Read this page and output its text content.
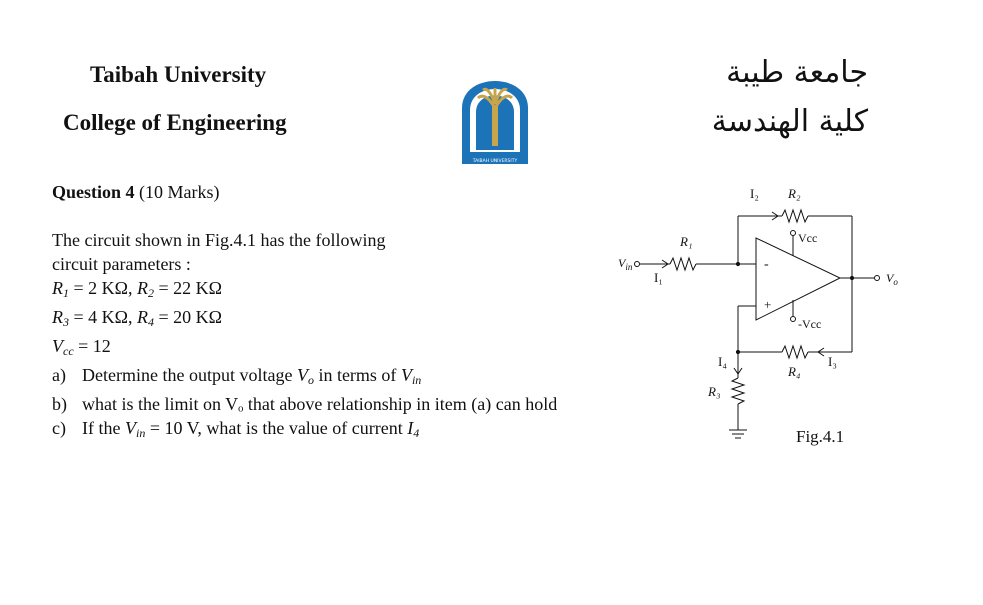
Taibah University
College of Engineering
TAIBAH UNIVERSITY
جامعة طيبة
كلية الهندسة
Question 4 (10 Marks)
The circuit shown in Fig.4.1 has the following
circuit parameters :
$R_1 = 2$ KΩ, $R_2 = 22$ KΩ
$R_3 = 4$ KΩ, $R_4 = 20$ KΩ
$V_{cc} = 12$
a) Determine the output voltage $V_o$ in terms of $V_{in}$
b) what is the limit on Vₒ that above relationship in item (a) can hold
c) If the $V_{in} = 10$ V, what is the value of current $I_4$
I₂ R₂
R₁	Vcc
$V_{in}$
I₁
-
+
$V_o$
-Vcc
I₄	I₃
R₄
R₃
Fig.4.1
